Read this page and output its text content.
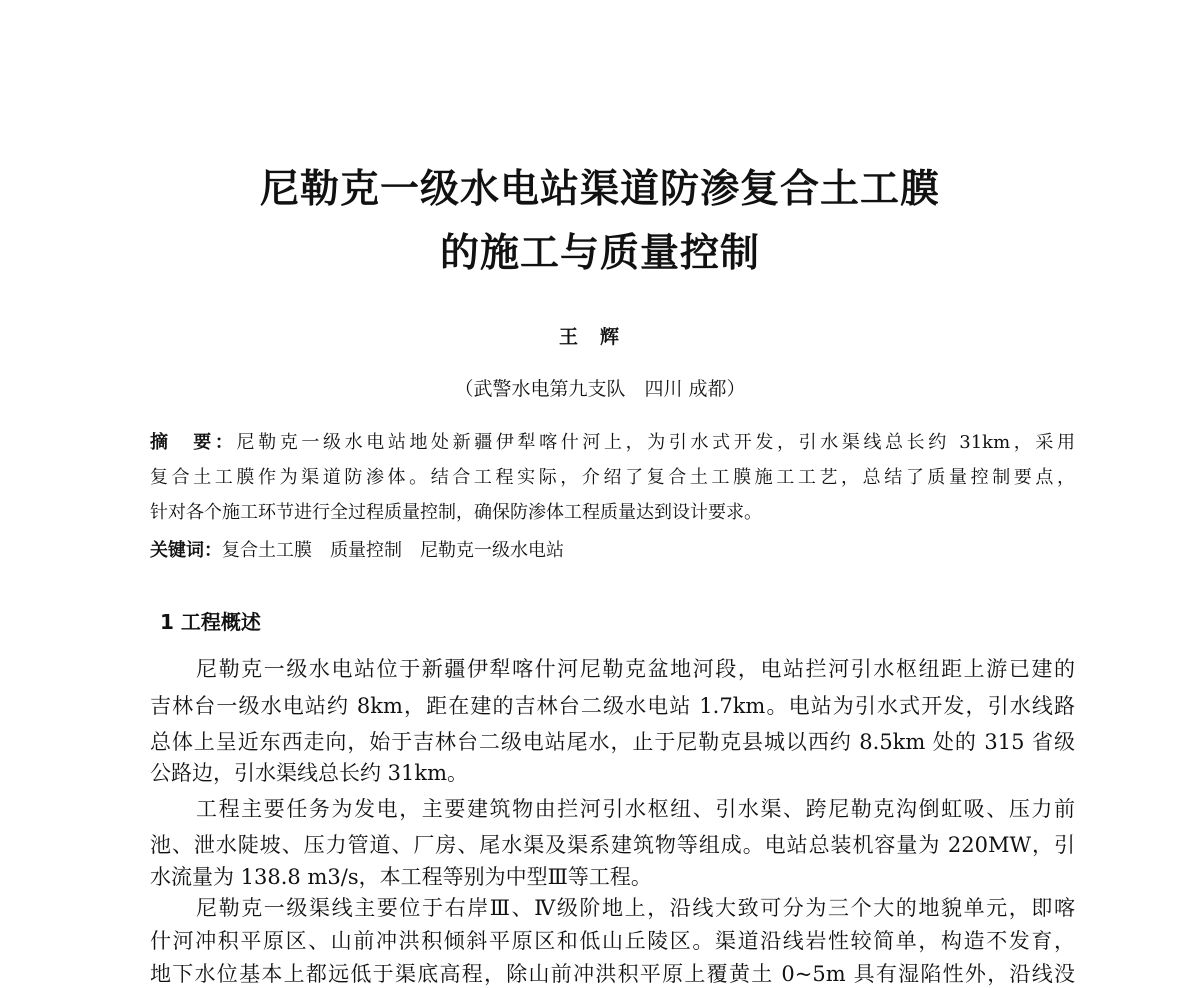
尼勒克一级水电站渠道防渗复合土工膜
的施工与质量控制
王辉
（武警水电第九支队　四川 成都）
摘　要：尼勒克一级水电站地处新疆伊犁喀什河上，为引水式开发，引水渠线总长约 31km，采用
复合土工膜作为渠道防渗体。结合工程实际，介绍了复合土工膜施工工艺，总结了质量控制要点，
针对各个施工环节进行全过程质量控制，确保防渗体工程质量达到设计要求。
关键词：复合土工膜　质量控制　尼勒克一级水电站
1 工程概述
尼勒克一级水电站位于新疆伊犁喀什河尼勒克盆地河段，电站拦河引水枢纽距上游已建的
吉林台一级水电站约 8km，距在建的吉林台二级水电站 1.7km。电站为引水式开发，引水线路
总体上呈近东西走向，始于吉林台二级电站尾水，止于尼勒克县城以西约 8.5km 处的 315 省级
公路边，引水渠线总长约 31km。
工程主要任务为发电，主要建筑物由拦河引水枢纽、引水渠、跨尼勒克沟倒虹吸、压力前
池、泄水陡坡、压力管道、厂房、尾水渠及渠系建筑物等组成。电站总装机容量为 220MW，引
水流量为 138.8 m3/s，本工程等别为中型Ⅲ等工程。
尼勒克一级渠线主要位于右岸Ⅲ、Ⅳ级阶地上，沿线大致可分为三个大的地貌单元，即喀
什河冲积平原区、山前冲洪积倾斜平原区和低山丘陵区。渠道沿线岩性较简单，构造不发育，
地下水位基本上都远低于渠底高程，除山前冲洪积平原上覆黄土 0~5m 具有湿陷性外，沿线没
